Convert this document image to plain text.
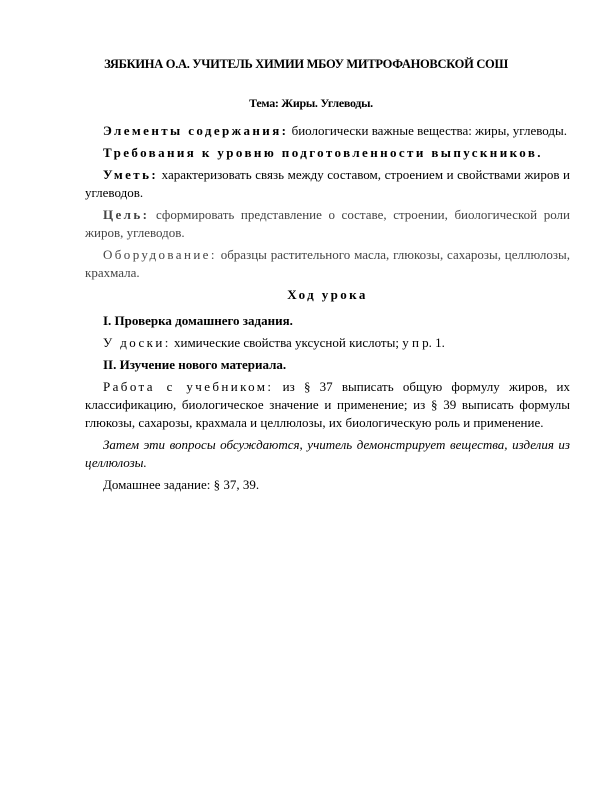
ЗЯБКИНА О.А. УЧИТЕЛЬ ХИМИИ МБОУ МИТРОФАНОВСКОЙ СОШ
Тема: Жиры. Углеводы.

Элементы содержания: биологически важные вещества: жиры, углеводы.

Требования к уровню подготовленности выпускников.

Уметь: характеризовать связь между составом, строением и свойствами жиров и углеводов.

Цель: сформировать представление о составе, строении, биологической роли жиров, углеводов.

Оборудование: образцы растительного масла, глюкозы, сахарозы, целлюлозы, крахмала.

Ход урока

I. Проверка домашнего задания.

У доски: химические свойства уксусной кислоты; у п р. 1.

II. Изучение нового материала.

Работа с учебником: из § 37 выписать общую формулу жиров, их классификацию, биологическое значение и применение; из § 39 выписать формулы глюкозы, сахарозы, крахмала и целлюлозы, их биологическую роль и применение.

Затем эти вопросы обсуждаются, учитель демонстрирует вещества, изделия из целлюлозы.

Домашнее задание: § 37, 39.
